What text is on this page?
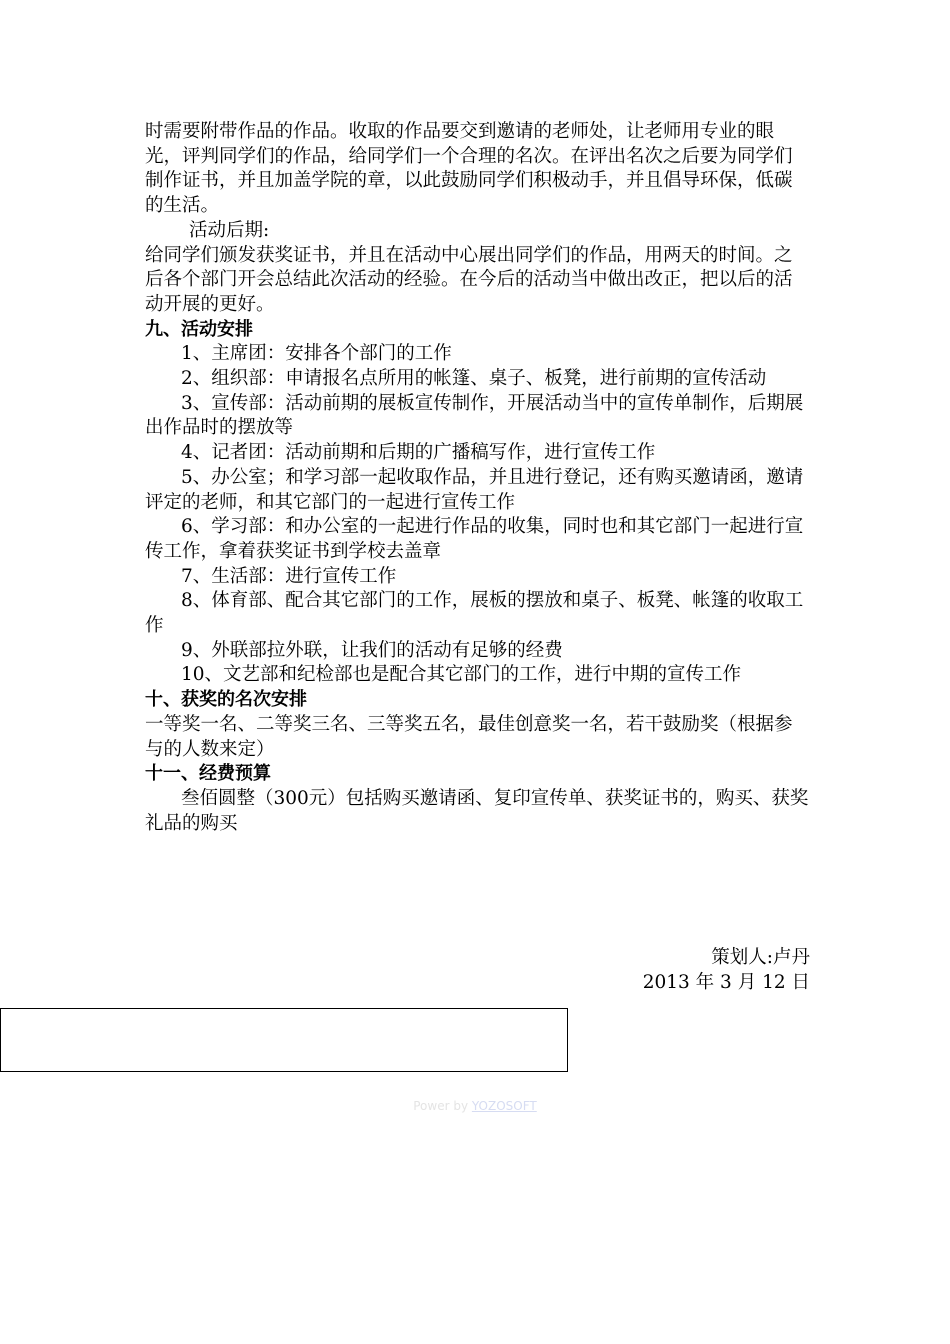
时需要附带作品的作品。收取的作品要交到邀请的老师处，让老师用专业的眼光，评判同学们的作品，给同学们一个合理的名次。在评出名次之后要为同学们制作证书，并且加盖学院的章，以此鼓励同学们积极动手，并且倡导环保，低碳的生活。

活动后期:

给同学们颁发获奖证书，并且在活动中心展出同学们的作品，用两天的时间。之后各个部门开会总结此次活动的经验。在今后的活动当中做出改正，把以后的活动开展的更好。

九、活动安排

1、主席团：安排各个部门的工作

2、组织部：申请报名点所用的帐篷、桌子、板凳，进行前期的宣传活动

3、宣传部：活动前期的展板宣传制作，开展活动当中的宣传单制作，后期展出作品时的摆放等

4、记者团：活动前期和后期的广播稿写作，进行宣传工作

5、办公室；和学习部一起收取作品，并且进行登记，还有购买邀请函，邀请评定的老师，和其它部门的一起进行宣传工作

6、学习部：和办公室的一起进行作品的收集，同时也和其它部门一起进行宣传工作，拿着获奖证书到学校去盖章

7、生活部：进行宣传工作

8、体育部、配合其它部门的工作，展板的摆放和桌子、板凳、帐篷的收取工作

9、外联部拉外联，让我们的活动有足够的经费

10、文艺部和纪检部也是配合其它部门的工作，进行中期的宣传工作

十、获奖的名次安排

一等奖一名、二等奖三名、三等奖五名，最佳创意奖一名，若干鼓励奖（根据参与的人数来定）

十一、经费预算

叁佰圆整（300元）包括购买邀请函、复印宣传单、获奖证书的，购买、获奖礼品的购买

策划人:卢丹

2013 年 3 月 12 日

Power by YOZOSOFT
